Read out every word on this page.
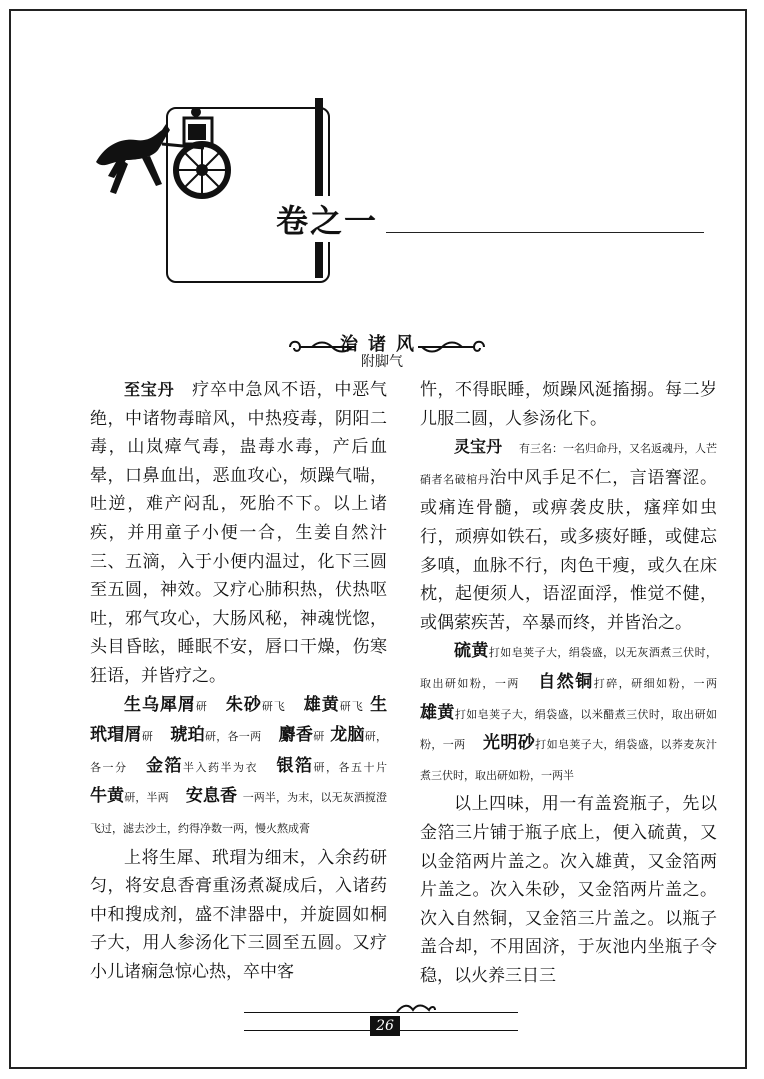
卷之一
治诸风
附脚气

至宝丹　 疗卒中急风不语，中恶气绝，中诸物毒暗风，中热疫毒，阴阳二毒，山岚瘴气毒，蛊毒水毒，产后血晕，口鼻血出，恶血攻心，烦躁气喘，吐逆，难产闷乱，死胎不下。以上诸疾，并用童子小便一合，生姜自然汁三、五滴，入于小便内温过，化下三圆至五圆，神效。又疗心肺积热，伏热呕吐，邪气攻心，大肠风秘，神魂恍惚，头目昏眩，睡眠不安，唇口干燥，伤寒狂语，并皆疗之。

生乌犀屑研　 朱砂研飞　 雄黄研飞 生玳瑁屑研　 琥珀研，各一两　 麝香研 龙脑研，各一分　 金箔半入药半为衣　 银箔研，各五十片　牛黄研，半两　 安息香 一两半，为末，以无灰酒搅澄飞过，滤去沙土，约得净数一两，慢火熬成膏

上将生犀、玳瑁为细末，入余药研匀，将安息香膏重汤煮凝成后，入诸药中和搜成剂，盛不津器中，并旋圆如桐子大，用人参汤化下三圆至五圆。又疗小儿诸痫急惊心热，卒中客

忤，不得眠睡，烦躁风涎搐搦。每二岁儿服二圆，人参汤化下。

灵宝丹　 有三名：一名归命丹，又名返魂丹，人芒硝者名破棺丹治中风手足不仁，言语謇涩。或痛连骨髓，或痹袭皮肤，瘙痒如虫行，顽痹如铁石，或多痰好睡，或健忘多嗔，血脉不行，肉色干瘦，或久在床枕，起便须人，语涩面浮，惟觉不健，或偶萦疾苦，卒暴而终，并皆治之。

硫黄打如皂荚子大，绢袋盛，以无灰酒煮三伏时，取出研如粉，一两　 自然铜打碎，研细如粉，一两　雄黄打如皂荚子大，绢袋盛，以米醋煮三伏时，取出研如粉，一两　 光明砂打如皂荚子大，绢袋盛，以荞麦灰汁煮三伏时，取出研如粉，一两半

以上四味，用一有盖瓷瓶子，先以金箔三片铺于瓶子底上，便入硫黄，又以金箔两片盖之。次入雄黄，又金箔两片盖之。次入朱砂，又金箔两片盖之。次入自然铜，又金箔三片盖之。以瓶子盖合却，不用固济，于灰池内坐瓶子令稳，以火养三日三

26
